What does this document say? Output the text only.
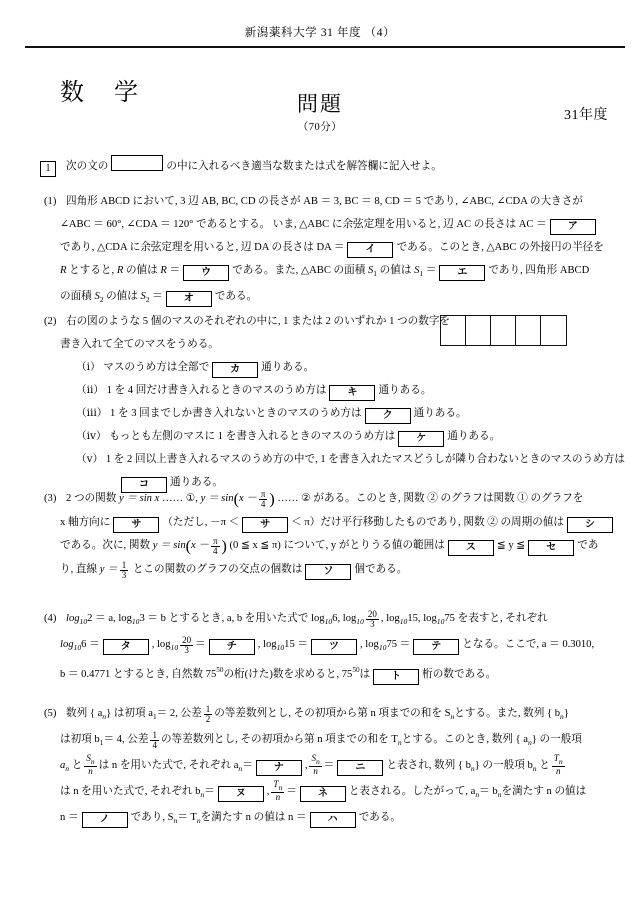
新潟薬科大学 31 年度 （4）
数 学	問題
（70分）
31年度
1 次の文の	の中に入れるべき適当な数または式を解答欄に記入せよ。
(1) 四角形 ABCD において, 3 辺 AB, BC, CD の長さが AB ＝ 3, BC ＝ 8, CD ＝ 5 であり, ∠ABC, ∠CDA の大きさが
∠ABC ＝ 60°, ∠CDA ＝ 120° であるとする。 いま, △ABC に余弦定理を用いると, 辺 AC の長さは AC ＝ ア
であり, △CDA に余弦定理を用いると, 辺 DA の長さは DA ＝ イ である。このとき, △ABC の外接円の半径を
R とすると, R の値は R ＝ ウ である。また, △ABC の面積 $S_1$ の値は $S_1$ ＝ エ であり, 四角形 ABCD
の面積 $S_2$ の値は $S_2$ ＝ オ である。
(2) 右の図のような 5 個のマスのそれぞれの中に, 1 または 2 のいずれか 1 つの数字を
書き入れて全てのマスをうめる。
（ⅰ） マスのうめ方は全部で カ 通りある。
（ⅱ） 1 を 4 回だけ書き入れるときのマスのうめ方は キ 通りある。
（ⅲ） 1 を 3 回までしか書き入れないときのマスのうめ方は ク 通りある。
（ⅳ） もっとも左側のマスに 1 を書き入れるときのマスのうめ方は ケ 通りある。
（ⅴ） 1 を 2 回以上書き入れるマスのうめ方の中で, 1 を書き入れたマスどうしが隣り合わないときのマスのうめ方は
コ 通りある。
(3) 2 つの関数 y ＝ sin x …… ①, $y = \sin(x - \frac{\pi}{4}$ ) …… ② がある。このとき, 関数 ② のグラフは関数 ① のグラフを
x 軸方向に サ （ただし, －π ＜ サ ＜ π）だけ平行移動したものであり, 関数 ② の周期の値は シ
である。次に, 関数 $y = \sin(x - \frac{\pi}{4}$ ) (0 ≦ x ≦ π) について, y がとりうる値の範囲は ス ≦ y ≦ セ であ
り, 直線 $y = \frac{1}{3}$ とこの関数のグラフの交点の個数は ソ 個である。
(4) $\log_{10}2 = a$, $\log_{10}3 = b$ とするとき, a, b を用いた式で $\log_{10}6$, $\log_{10} \frac{20}{3}$ , $\log_{10}15$, $\log_{10}75$ を表すと, それぞれ
$\log_{10}6$ ＝ タ , $\log_{10} \frac{20}{3}$ ＝ チ , $\log_{10}15$ ＝ ツ , $\log_{10}75$ ＝ テ となる。ここで, a ＝ 0.3010,
b ＝ 0.4771 とするとき, 自然数 $75^{50}$の桁(けた)数を求めると, $75^{50}$は ト 桁の数である。
(5) 数列 { $a_n$} は初項 $a_1= 2$, 公差 $\frac{1}{2}$ の等差数列とし, その初項から第 n 項までの和を $S_n$とする。また, 数列 { $b_n$}
は初項 $b_1= 4$, 公差 $\frac{1}{4}$ の等差数列とし, その初項から第 n 項までの和を $T_n$とする。このとき, 数列 { $a_n$} の一般項
$a_n$ と $\frac{S_n}{n}$ は n を用いた式で, それぞれ $a_n=$ ナ , $\frac{S_n}{n}$ ＝ ニ と表され, 数列 { $b_n$} の一般項 $b_n$ と $\frac{T_n}{n}$
は n を用いた式で, それぞれ $b_n=$ ヌ , $\frac{T_n}{n}$ ＝ ネ と表される。したがって, $a_n= b_n$を満たす n の値は
n ＝ ノ であり, $S_n= T_n$を満たす n の値は n ＝ ハ である。
